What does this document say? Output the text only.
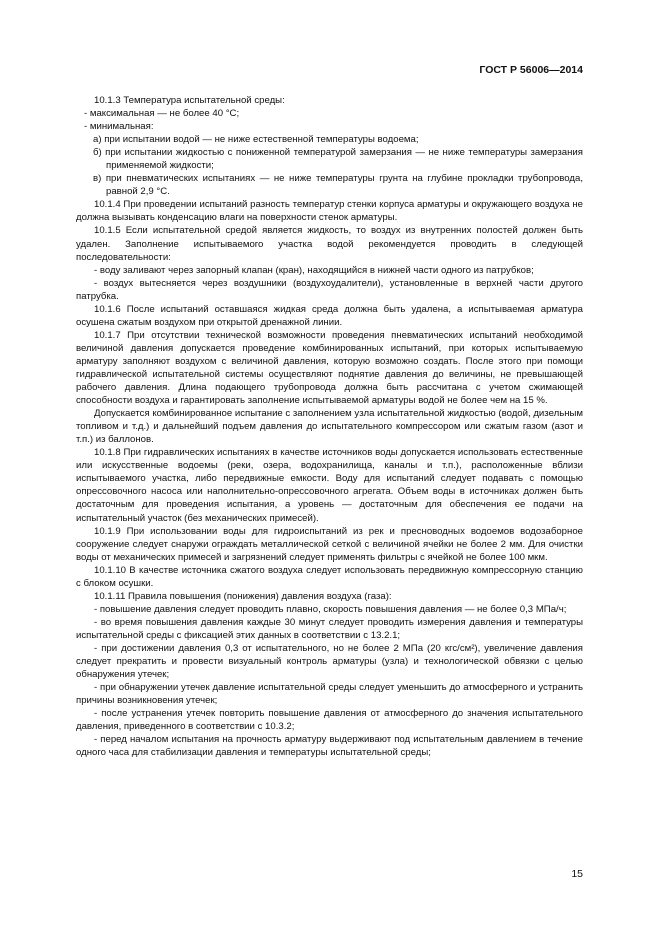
ГОСТ Р 56006—2014

10.1.3 Температура испытательной среды:

- максимальная — не более 40 °С;

- минимальная:

а) при испытании водой — не ниже естественной температуры водоема;

б) при испытании жидкостью с пониженной температурой замерзания — не ниже температуры замерзания применяемой жидкости;

в) при пневматических испытаниях — не ниже температуры грунта на глубине прокладки трубопровода, равной 2,9 °С.

10.1.4 При проведении испытаний разность температур стенки корпуса арматуры и окружающего воздуха не должна вызывать конденсацию влаги на поверхности стенок арматуры.

10.1.5 Если испытательной средой является жидкость, то воздух из внутренних полостей должен быть удален. Заполнение испытываемого участка водой рекомендуется проводить в следующей последовательности:

- воду заливают через запорный клапан (кран), находящийся в нижней части одного из патрубков;

- воздух вытесняется через воздушники (воздухоудалители), установленные в верхней части другого патрубка.

10.1.6 После испытаний оставшаяся жидкая среда должна быть удалена, а испытываемая арматура осушена сжатым воздухом при открытой дренажной линии.

10.1.7 При отсутствии технической возможности проведения пневматических испытаний необходимой величиной давления допускается проведение комбинированных испытаний, при которых испытываемую арматуру заполняют воздухом с величиной давления, которую возможно создать. После этого при помощи гидравлической испытательной системы осуществляют поднятие давления до величины, не превышающей рабочего давления. Длина подающего трубопровода должна быть рассчитана с учетом сжимающей способности воздуха и гарантировать заполнение испытываемой арматуры водой не более чем на 15 %.

Допускается комбинированное испытание с заполнением узла испытательной жидкостью (водой, дизельным топливом и т.д.) и дальнейший подъем давления до испытательного компрессором или сжатым газом (азот и т.п.) из баллонов.

10.1.8 При гидравлических испытаниях в качестве источников воды допускается использовать естественные или искусственные водоемы (реки, озера, водохранилища, каналы и т.п.), расположенные вблизи испытываемого участка, либо передвижные емкости. Воду для испытаний следует подавать с помощью опрессовочного насоса или наполнительно-опрессовочного агрегата. Объем воды в источниках должен быть достаточным для проведения испытания, а уровень — достаточным для обеспечения ее подачи на испытательный участок (без механических примесей).

10.1.9 При использовании воды для гидроиспытаний из рек и пресноводных водоемов водозаборное сооружение следует снаружи ограждать металлической сеткой с величиной ячейки не более 2 мм. Для очистки воды от механических примесей и загрязнений следует применять фильтры с ячейкой не более 100 мкм.

10.1.10 В качестве источника сжатого воздуха следует использовать передвижную компрессорную станцию с блоком осушки.

10.1.11 Правила повышения (понижения) давления воздуха (газа):

- повышение давления следует проводить плавно, скорость повышения давления — не более 0,3 МПа/ч;

- во время повышения давления каждые 30 минут следует проводить измерения давления и температуры испытательной среды с фиксацией этих данных в соответствии с 13.2.1;

- при достижении давления 0,3 от испытательного, но не более 2 МПа (20 кгс/см²), увеличение давления следует прекратить и провести визуальный контроль арматуры (узла) и технологической обвязки с целью обнаружения утечек;

- при обнаружении утечек давление испытательной среды следует уменьшить до атмосферного и устранить причины возникновения утечек;

- после устранения утечек повторить повышение давления от атмосферного до значения испытательного давления, приведенного в соответствии с 10.3.2;

- перед началом испытания на прочность арматуру выдерживают под испытательным давлением в течение одного часа для стабилизации давления и температуры испытательной среды;

15
